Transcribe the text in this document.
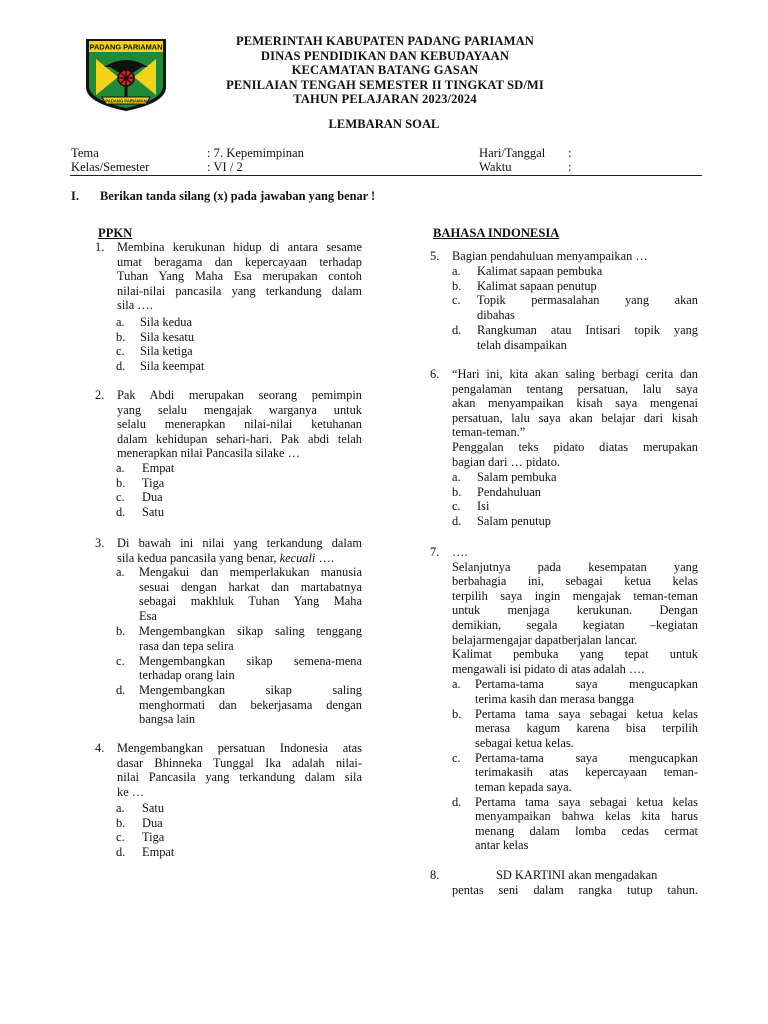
PADANG PARIAMAN
PADANG PARIAMAN
PEMERINTAH KABUPATEN PADANG PARIAMAN
DINAS PENDIDIKAN DAN KEBUDAYAAN
KECAMATAN BATANG GASAN
PENILAIAN TENGAH SEMESTER II TINGKAT SD/MI
TAHUN PELAJARAN 2023/2024
LEMBARAN SOAL
Tema	: 7. Kepemimpinan	Hari/Tanggal :
Kelas/Semester	: VI / 2	Waktu	:
I. Berikan tanda silang (x) pada jawaban yang benar !
PPKN	BAHASA INDONESIA
1. Membina kerukunan hidup di antara sesame

umat beragama dan kepercayaan terhadap

Tuhan Yang Maha Esa merupakan contoh

nilai-nilai pancasila yang terkandung dalam

sila ….

a. Sila kedua
b. Sila kesatu
c. Sila ketiga
d. Sila keempat
2. Pak Abdi merupakan seorang pemimpin

yang selalu mengajak warganya untuk

selalu menerapkan nilai-nilai ketuhanan

dalam kehidupan sehari-hari. Pak abdi telah

menerapkan nilai Pancasila silake …

a. Empat
b. Tiga
c. Dua
d. Satu
3. Di bawah ini nilai yang terkandung dalam

sila kedua pancasila yang benar, kecuali ….

a. Mengakui dan memperlakukan manusia

sesuai dengan harkat dan martabatnya

sebagai makhluk Tuhan Yang Maha

Esa

b. Mengembangkan sikap saling tenggang

rasa dan tepa selira

c. Mengembangkan sikap semena-mena

terhadap orang lain

d. Mengembangkan sikap saling

menghormati dan bekerjasama dengan

bangsa lain

4. Mengembangkan persatuan Indonesia atas

dasar Bhinneka Tunggal Ika adalah nilai-

nilai Pancasila yang terkandung dalam sila

ke …

a. Satu
b. Dua
c. Tiga
d. Empat
5. Bagian pendahuluan menyampaikan …

a. Kalimat sapaan pembuka

b. Kalimat sapaan penutup

c. Topik permasalahan yang akan

dibahas

d. Rangkuman atau Intisari topik yang

telah disampaikan

6. “Hari ini, kita akan saling berbagi cerita dan

pengalaman tentang persatuan, lalu saya

akan menyampaikan kisah saya mengenai

persatuan, lalu saya akan belajar dari kisah

teman-teman.”

Penggalan teks pidato diatas merupakan

bagian dari … pidato.

a. Salam pembuka
b. Pendahuluan
c. Isi
d. Salam penutup
7. ….

Selanjutnya pada kesempatan yang

berbahagia ini, sebagai ketua kelas

terpilih saya ingin mengajak teman-teman

untuk menjaga kerukunan. Dengan

demikian, segala kegiatan –kegiatan

belajarmengajar dapatberjalan lancar.

Kalimat pembuka yang tepat untuk

mengawali isi pidato di atas adalah ….

a. Pertama-tama saya mengucapkan

terima kasih dan merasa bangga

b. Pertama tama saya sebagai ketua kelas

merasa kagum karena bisa terpilih

sebagai ketua kelas.

c. Pertama-tama saya mengucapkan

terimakasih atas kepercayaan teman-

teman kepada saya.

d. Pertama tama saya sebagai ketua kelas

menyampaikan bahwa kelas kita harus

menang dalam lomba cedas cermat

antar kelas

8.	SD KARTINI akan mengadakan

pentas seni dalam rangka tutup tahun.
